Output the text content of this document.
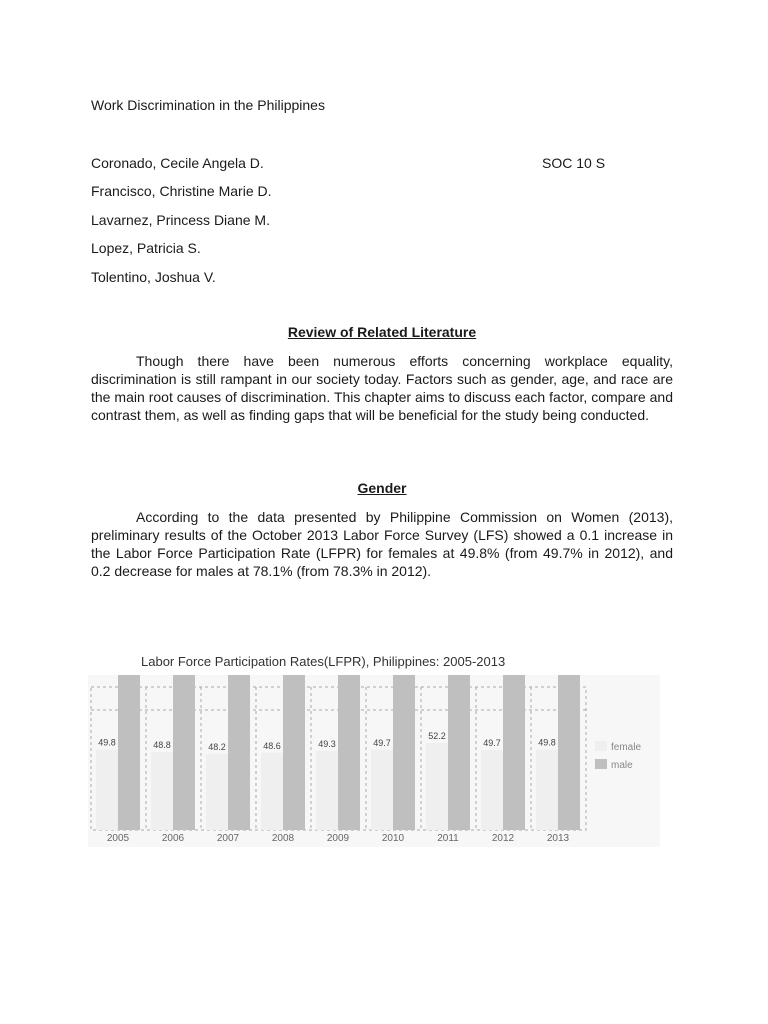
Work Discrimination in the Philippines
SOC 10 S
Coronado, Cecile Angela D.
Francisco, Christine Marie D.
Lavarnez, Princess Diane M.
Lopez, Patricia S.
Tolentino, Joshua V.
Review of Related Literature

Though there have been numerous efforts concerning workplace equality, discrimination is still rampant in our society today. Factors such as gender, age, and race are the main root causes of discrimination. This chapter aims to discuss each factor, compare and contrast them, as well as finding gaps that will be beneficial for the study being conducted.

Gender

According to the data presented by Philippine Commission on Women (2013), preliminary results of the October 2013 Labor Force Survey (LFS) showed a 0.1 increase in the Labor Force Participation Rate (LFPR) for females at 49.8% (from 49.7% in 2012), and 0.2 decrease for males at 78.1% (from 78.3% in 2012).

Labor Force Participation Rates(LFPR), Philippines: 2005-2013
49.8
2005
48.8
2006
48.2
2007
48.6
2008
49.3
2009
49.7
2010
52.2
2011
49.7
2012
49.8
2013
female
male
